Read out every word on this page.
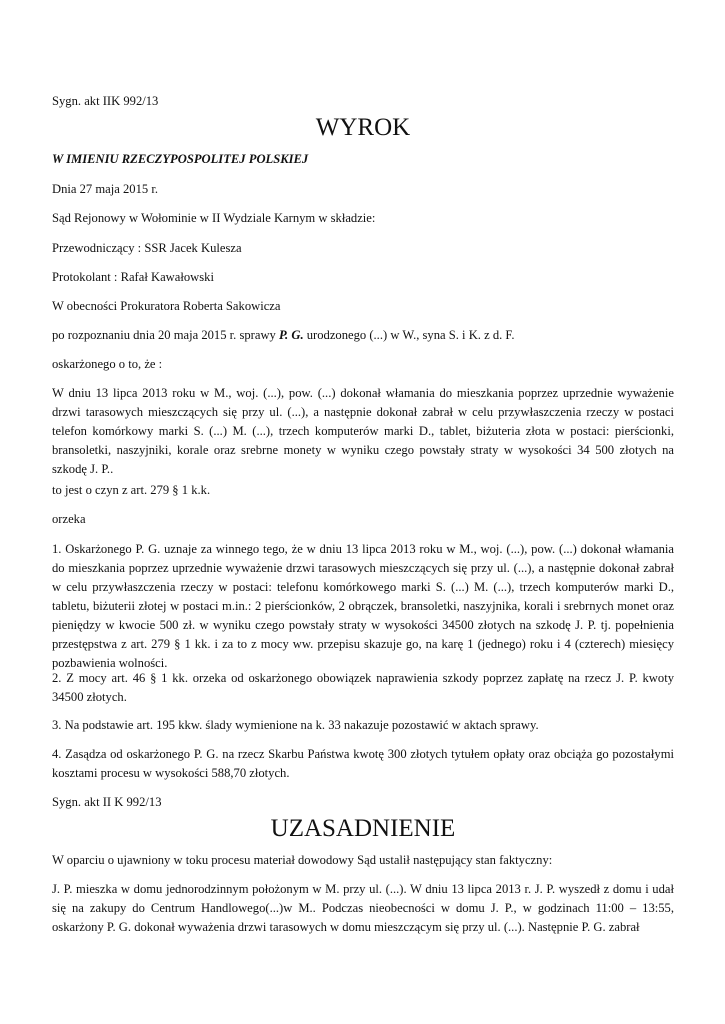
Sygn. akt IIK 992/13

WYROK

W IMIENIU RZECZYPOSPOLITEJ POLSKIEJ

Dnia 27 maja 2015 r.

Sąd Rejonowy w Wołominie w II Wydziale Karnym w składzie:

Przewodniczący : SSR Jacek Kulesza

Protokolant : Rafał Kawałowski

W obecności Prokuratora Roberta Sakowicza

po rozpoznaniu dnia 20 maja 2015 r. sprawy P. G. urodzonego (...) w W., syna S. i K. z d. F.

oskarżonego o to, że :

W dniu 13 lipca 2013 roku w M., woj. (...), pow. (...) dokonał włamania do mieszkania poprzez uprzednie wyważenie drzwi tarasowych mieszczących się przy ul. (...), a następnie dokonał zabrał w celu przywłaszczenia rzeczy w postaci telefon komórkowy marki S. (...) M. (...), trzech komputerów marki D., tablet, biżuteria złota w postaci: pierścionki, bransoletki, naszyjniki, korale oraz srebrne monety w wyniku czego powstały straty w wysokości 34 500 złotych na szkodę J. P..

to jest o czyn z art. 279 § 1 k.k.

orzeka

1. Oskarżonego P. G. uznaje za winnego tego, że w dniu 13 lipca 2013 roku w M., woj. (...), pow. (...) dokonał włamania do mieszkania poprzez uprzednie wyważenie drzwi tarasowych mieszczących się przy ul. (...), a następnie dokonał zabrał w celu przywłaszczenia rzeczy w postaci: telefonu komórkowego marki S. (...) M. (...), trzech komputerów marki D., tabletu, biżuterii złotej w postaci m.in.: 2 pierścionków, 2 obrączek, bransoletki, naszyjnika, korali i srebrnych monet oraz pieniędzy w kwocie 500 zł. w wyniku czego powstały straty w wysokości 34500 złotych na szkodę J. P. tj. popełnienia przestępstwa z art. 279 § 1 kk. i za to z mocy ww. przepisu skazuje go, na karę 1 (jednego) roku i 4 (czterech) miesięcy pozbawienia wolności.

2. Z mocy art. 46 § 1 kk. orzeka od oskarżonego obowiązek naprawienia szkody poprzez zapłatę na rzecz J. P. kwoty 34500 złotych.

3. Na podstawie art. 195 kkw. ślady wymienione na k. 33 nakazuje pozostawić w aktach sprawy.

4. Zasądza od oskarżonego P. G. na rzecz Skarbu Państwa kwotę 300 złotych tytułem opłaty oraz obciąża go pozostałymi kosztami procesu w wysokości 588,70 złotych.

Sygn. akt II K 992/13

UZASADNIENIE

W oparciu o ujawniony w toku procesu materiał dowodowy Sąd ustalił następujący stan faktyczny:

J. P. mieszka w domu jednorodzinnym położonym w M. przy ul. (...). W dniu 13 lipca 2013 r. J. P. wyszedł z domu i udał się na zakupy do Centrum Handlowego(...)w M.. Podczas nieobecności w domu J. P., w godzinach 11:00 – 13:55, oskarżony P. G. dokonał wyważenia drzwi tarasowych w domu mieszczącym się przy ul. (...). Następnie P. G. zabrał
